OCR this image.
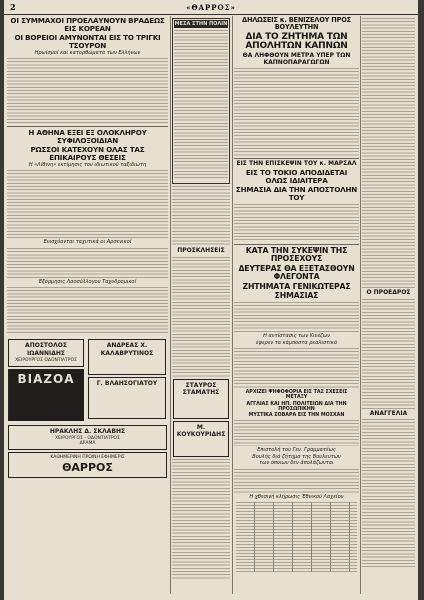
2	«ΘΑΡΡΟΣ»
ΟΙ ΣΥΜΜΑΧΟΙ ΠΡΟΕΛΑΥΝΟΥΝ ΒΡΑΔΕΩΣ ΕΙΣ ΚΟΡΕΑΝ
ΟΙ ΒΟΡΕΙΟΙ ΑΜΥΝΟΝΤΑΙ ΕΙΣ ΤΟ ΤΡΙΓΚΙ ΤΣΟΥΡΟΝ
Ηρωϊσμοί και κατορθώματα των Ελλήνων
Η ΑΘΗΝΑ ΕΞΕΙ ΕΞ ΟΛΟΚΛΗΡΟΥ ΣΥΦΙΛΟΞΟΙΔΙΑΝ
ΡΩΣΣΟΙ ΚΑΤΕΧΟΥΝ ΟΛΑΣ ΤΑΣ ΕΠΙΚΑΙΡΟΥΣ ΘΕΣΕΙΣ
Η «Λίθινη» εκτίμησις του ιδιωτικού ταξιδιώτη
Ενισχύονται ταχυτικά οι Αρσενικοί
Εξόρμησις Λαοσύλλογου Ταχυδρομικοί
ΑΠΟΣΤΟΛΟΣ ΙΩΑΝΝΙΔΗΣ
ΧΕΙΡΟΥΡΓΟΣ ΟΔΟΝΤΙΑΤΡΟΣ
ΒΙΑΖΟΑ
ΑΝΔΡΕΑΣ Χ. ΚΑΛΑΒΡΥΤΙΝΟΣ
Γ. ΒΛΑΗΣΟΓΙΑΤΟΥ
ΗΡΑΚΛΗΣ Δ. ΣΚΛΑΒΗΣ
ΧΕΙΡΟΥΡΓΟΣ - ΟΔΟΝΤΙΑΤΡΟΣ
ΔΡΑΜΑ
ΚΑΘΗΜΕΡΙΝΗ ΠΡΩΙΝΗ ΕΦΗΜΕΡΙΣ
ΘΑΡΡΟΣ
ΜΕΣΑ ΣΤΗΝ ΠΟΛΙΝ
ΠΡΟΣΚΛΗΣΕΙΣ
ΣΤΑΥΡΟΣ ΣΤΑΜΑΤΗΣ
Μ. ΚΟΥΚΟΥΡΙΔΗΣ
ΔΗΛΩΣΕΙΣ κ. ΒΕΝΙΖΕΛΟΥ ΠΡΟΣ ΒΟΥΛΕΥΤΗΝ
ΔΙΑ ΤΟ ΖΗΤΗΜΑ ΤΩΝ ΑΠΟΛΗΤΩΝ ΚΑΠΝΩΝ
ΘΑ ΛΗΦΘΟΥΝ ΜΕΤΡΑ ΥΠΕΡ ΤΩΝ ΚΑΠΝΟΠΑΡΑΓΩΓΩΝ
ΕΙΣ ΤΗΝ ΕΠΙΣΚΕΨΙΝ ΤΟΥ κ. ΜΑΡΣΑΛ
ΕΙΣ ΤΟ ΤΟΚΙΟ ΑΠΟΔΙΔΕΤΑΙ ΟΛΩΣ ΙΔΙΑΙΤΕΡΑ
ΣΗΜΑΣΙΑ ΔΙΑ ΤΗΝ ΑΠΟΣΤΟΛΗΝ ΤΟΥ
ΚΑΤΑ ΤΗΝ ΣΥΚΕΨΙΝ ΤΗΣ ΠΡΟΣΕΧΟΥΣ
ΔΕΥΤΕΡΑΣ ΘΑ ΕΞΕΤΑΣΘΟΥΝ ΦΛΕΓΟΝΤΑ
ΖΗΤΗΜΑΤΑ ΓΕΝΙΚΩΤΕΡΑΣ ΣΗΜΑΣΙΑΣ
Η αντίστασις των Κινέζων
έφερεν τα κάμποστα ρεαλιστικά
ΑΡΧΙΖΕΙ ΨΗΦΟΦΟΡΙΑ ΕΙΣ ΤΑΣ ΣΧΕΣΕΙΣ ΜΕΤΑΞΥ
ΑΓΓΛΙΑΣ ΚΑΙ ΗΠ. ΠΟΛΙΤΕΙΩΝ ΔΙΑ ΤΗΝ ΠΡΟΣΩΠΙΚΗΝ
ΜΥΣΤΙΚΑ ΣΟΒΑΡΑ ΕΙΣ ΤΗΝ ΜΟΣΧΑΝ
Επιστολή του Γεν. Γραμματέως
Βουλής διά ζήτημα της Βουλευτών
των όποιων δεν άπολάζωνται
Η χθεσινή κλήρωσις Έθνικού Λαχείου
Ο ΠΡΟΕΔΡΟΣ
ΑΝΑΓΓΕΛΙΑ
